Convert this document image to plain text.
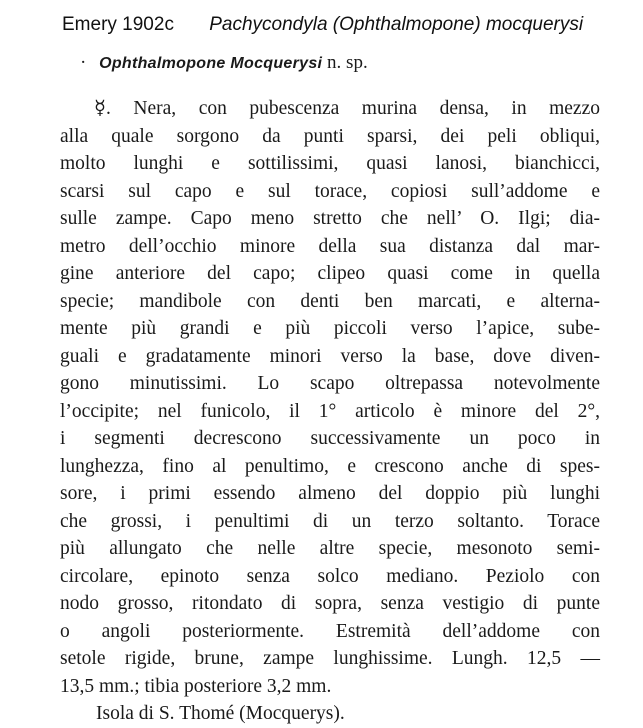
Emery 1902c Pachycondyla (Ophthalmopone) mocquerysi
· Ophthalmopone Mocquerysi n. sp.
☿. Nera, con pubescenza murina densa, in mezzo
alla quale sorgono da punti sparsi, dei peli obliqui,
molto lunghi e sottilissimi, quasi lanosi, bianchicci,
scarsi sul capo e sul torace, copiosi sull’addome e
sulle zampe. Capo meno stretto che nell’ O. Ilgi; dia-
metro dell’occhio minore della sua distanza dal mar-
gine anteriore del capo; clipeo quasi come in quella
specie; mandibole con denti ben marcati, e alterna-
mente più grandi e più piccoli verso l’apice, sube-
guali e gradatamente minori verso la base, dove diven-
gono minutissimi. Lo scapo oltrepassa notevolmente
l’occipite; nel funicolo, il 1° articolo è minore del 2°,
i segmenti decrescono successivamente un poco in
lunghezza, fino al penultimo, e crescono anche di spes-
sore, i primi essendo almeno del doppio più lunghi
che grossi, i penultimi di un terzo soltanto. Torace
più allungato che nelle altre specie, mesonoto semi-
circolare, epinoto senza solco mediano. Peziolo con
nodo grosso, ritondato di sopra, senza vestigio di punte
o angoli posteriormente. Estremità dell’addome con
setole rigide, brune, zampe lunghissime. Lungh. 12,5 —
13,5 mm.; tibia posteriore 3,2 mm.
Isola di S. Thomé (Mocquerys).
